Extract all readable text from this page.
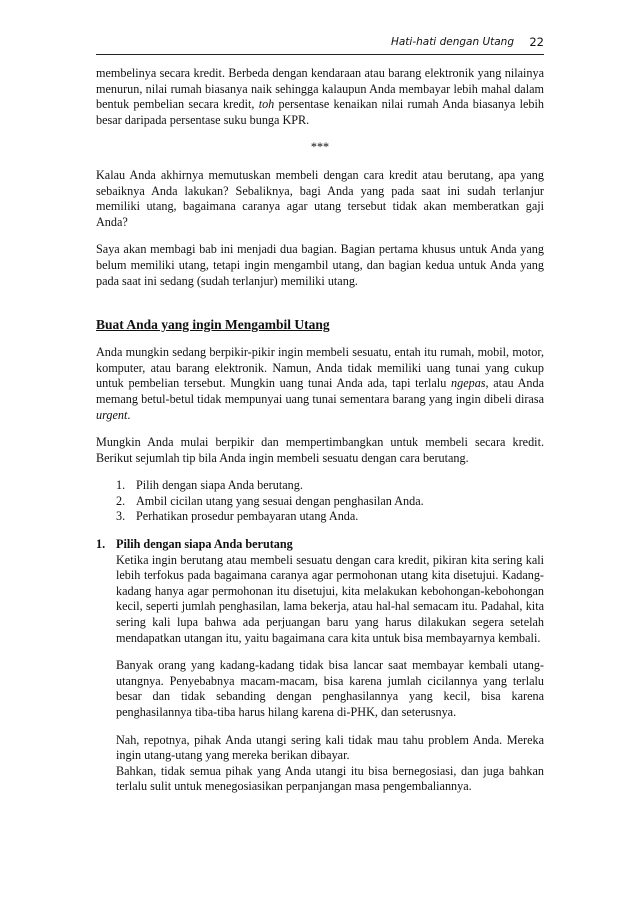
Hati-hati dengan Utang 22

membelinya secara kredit. Berbeda dengan kendaraan atau barang elektronik yang nilainya menurun, nilai rumah biasanya naik sehingga kalaupun Anda membayar lebih mahal dalam bentuk pembelian secara kredit, toh persentase kenaikan nilai rumah Anda biasanya lebih besar daripada persentase suku bunga KPR.

***

Kalau Anda akhirnya memutuskan membeli dengan cara kredit atau berutang, apa yang sebaiknya Anda lakukan? Sebaliknya, bagi Anda yang pada saat ini sudah terlanjur memiliki utang, bagaimana caranya agar utang tersebut tidak akan memberatkan gaji Anda?

Saya akan membagi bab ini menjadi dua bagian. Bagian pertama khusus untuk Anda yang belum memiliki utang, tetapi ingin mengambil utang, dan bagian kedua untuk Anda yang pada saat ini sedang (sudah terlanjur) memiliki utang.

Buat Anda yang ingin Mengambil Utang

Anda mungkin sedang berpikir-pikir ingin membeli sesuatu, entah itu rumah, mobil, motor, komputer, atau barang elektronik. Namun, Anda tidak memiliki uang tunai yang cukup untuk pembelian tersebut. Mungkin uang tunai Anda ada, tapi terlalu ngepas, atau Anda memang betul-betul tidak mempunyai uang tunai sementara barang yang ingin dibeli dirasa urgent.

Mungkin Anda mulai berpikir dan mempertimbangkan untuk membeli secara kredit. Berikut sejumlah tip bila Anda ingin membeli sesuatu dengan cara berutang.

1. Pilih dengan siapa Anda berutang.
2. Ambil cicilan utang yang sesuai dengan penghasilan Anda.
3. Perhatikan prosedur pembayaran utang Anda.

1. Pilih dengan siapa Anda berutang

Ketika ingin berutang atau membeli sesuatu dengan cara kredit, pikiran kita sering kali lebih terfokus pada bagaimana caranya agar permohonan utang kita disetujui. Kadang-kadang hanya agar permohonan itu disetujui, kita melakukan kebohongan-kebohongan kecil, seperti jumlah penghasilan, lama bekerja, atau hal-hal semacam itu. Padahal, kita sering kali lupa bahwa ada perjuangan baru yang harus dilakukan segera setelah mendapatkan utangan itu, yaitu bagaimana cara kita untuk bisa membayarnya kembali.

Banyak orang yang kadang-kadang tidak bisa lancar saat membayar kembali utang-utangnya. Penyebabnya macam-macam, bisa karena jumlah cicilannya yang terlalu besar dan tidak sebanding dengan penghasilannya yang kecil, bisa karena penghasilannya tiba-tiba harus hilang karena di-PHK, dan seterusnya.

Nah, repotnya, pihak Anda utangi sering kali tidak mau tahu problem Anda. Mereka ingin utang-utang yang mereka berikan dibayar.

Bahkan, tidak semua pihak yang Anda utangi itu bisa bernegosiasi, dan juga bahkan terlalu sulit untuk menegosiasikan perpanjangan masa pengembaliannya.
